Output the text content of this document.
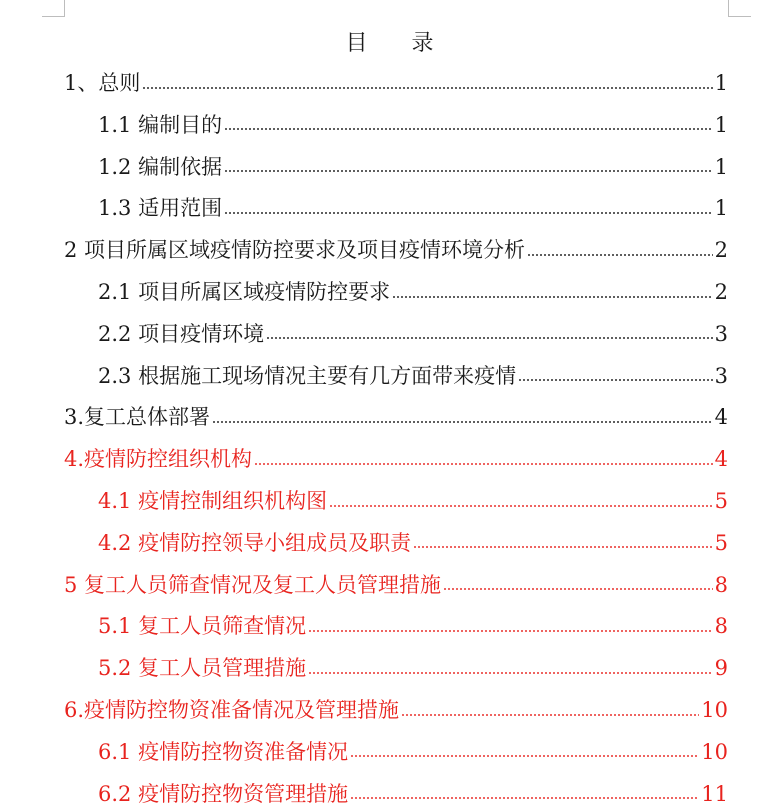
目　　录
1、总则	1
1.1 编制目的	1
1.2 编制依据	1
1.3 适用范围	1
2 项目所属区域疫情防控要求及项目疫情环境分析	2
2.1 项目所属区域疫情防控要求	2
2.2 项目疫情环境	3
2.3 根据施工现场情况主要有几方面带来疫情	3
3.复工总体部署	4
4.疫情防控组织机构	4
4.1 疫情控制组织机构图	5
4.2 疫情防控领导小组成员及职责	5
5 复工人员筛查情况及复工人员管理措施	8
5.1 复工人员筛查情况	8
5.2 复工人员管理措施	9
6.疫情防控物资准备情况及管理措施	10
6.1 疫情防控物资准备情况	10
6.2 疫情防控物资管理措施	11
